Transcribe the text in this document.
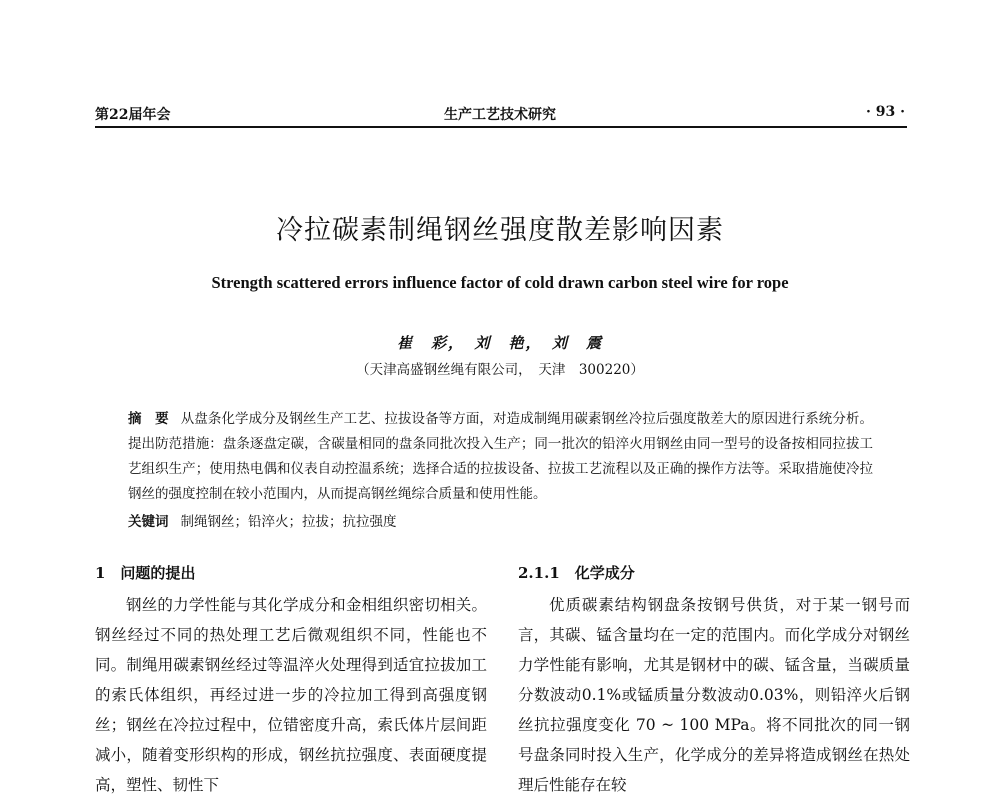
第22届年会	生产工艺技术研究	· 93 ·
冷拉碳素制绳钢丝强度散差影响因素
Strength scattered errors influence factor of cold drawn carbon steel wire for rope
崔　彩，　刘　艳，　刘　震
（天津高盛钢丝绳有限公司，　天津　300220）
摘　要 从盘条化学成分及钢丝生产工艺、拉拔设备等方面，对造成制绳用碳素钢丝冷拉后强度散差大的原因进行系统分析。提出防范措施：盘条逐盘定碳，含碳量相同的盘条同批次投入生产；同一批次的铅淬火用钢丝由同一型号的设备按相同拉拔工艺组织生产；使用热电偶和仪表自动控温系统；选择合适的拉拔设备、拉拔工艺流程以及正确的操作方法等。采取措施使冷拉钢丝的强度控制在较小范围内，从而提高钢丝绳综合质量和使用性能。
关键词 制绳钢丝；铅淬火；拉拔；抗拉强度
1　问题的提出

钢丝的力学性能与其化学成分和金相组织密切相关。钢丝经过不同的热处理工艺后微观组织不同，性能也不同。制绳用碳素钢丝经过等温淬火处理得到适宜拉拔加工的索氏体组织，再经过进一步的冷拉加工得到高强度钢丝；钢丝在冷拉过程中，位错密度升高，索氏体片层间距减小，随着变形织构的形成，钢丝抗拉强度、表面硬度提高，塑性、韧性下

2.1.1　化学成分

优质碳素结构钢盘条按钢号供货，对于某一钢号而言，其碳、锰含量均在一定的范围内。而化学成分对钢丝力学性能有影响，尤其是钢材中的碳、锰含量，当碳质量分数波动0.1%或锰质量分数波动0.03%，则铅淬火后钢丝抗拉强度变化 70 ~ 100 MPa。将不同批次的同一钢号盘条同时投入生产，化学成分的差异将造成钢丝在热处理后性能存在较
